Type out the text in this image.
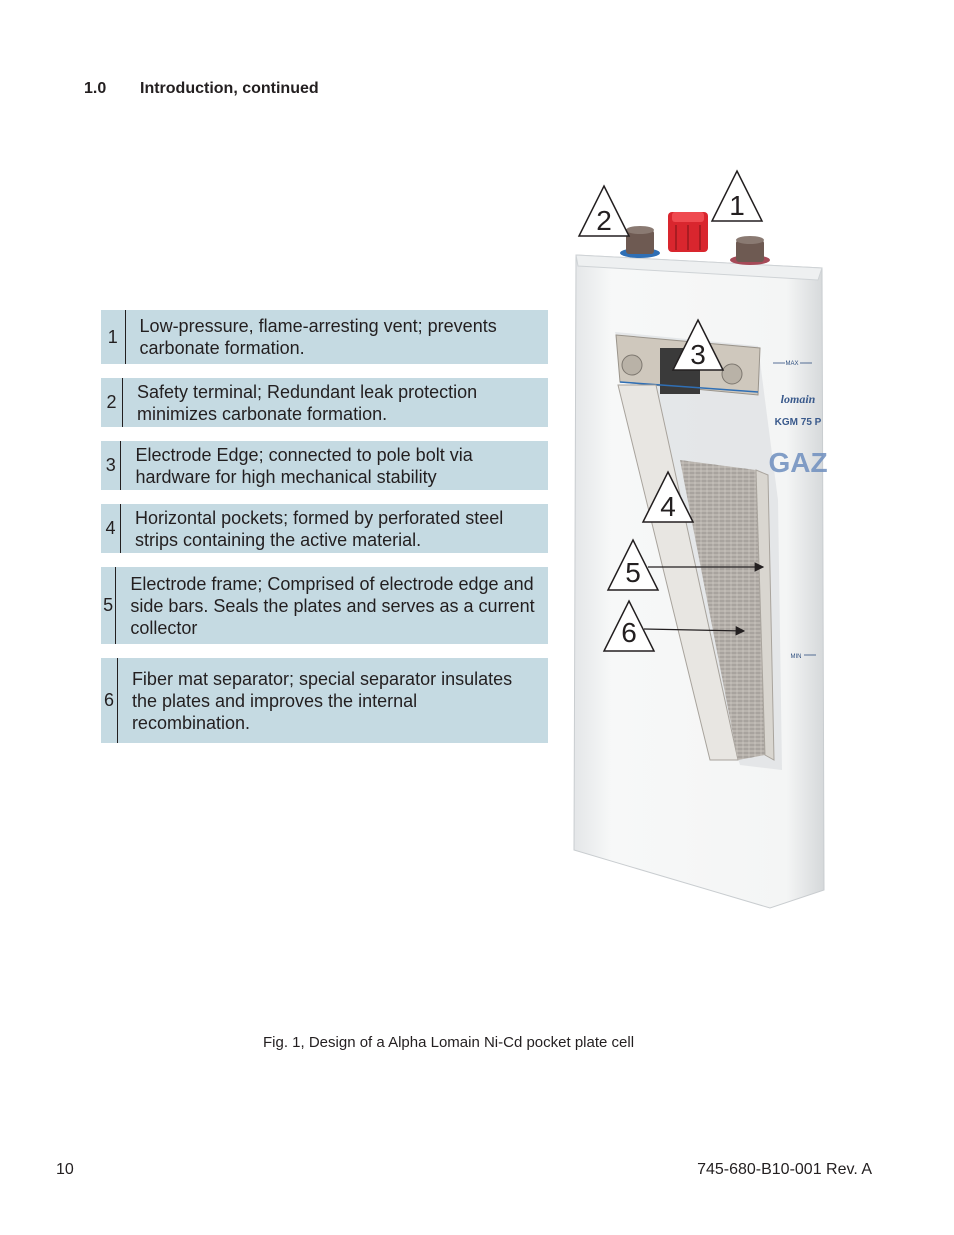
1.0 Introduction, continued
1
Low-pressure, flame-arresting vent; prevents carbonate formation.
2
Safety terminal; Redundant leak protection minimizes carbonate formation.
3
Electrode Edge; connected to pole bolt via hardware for high mechanical stability
4
Horizontal pockets; formed by perforated steel strips containing the active material.
5
Electrode frame; Comprised of electrode edge and side bars. Seals the plates and serves as a current collector
6
Fiber mat separator; special separator insulates the plates and improves the internal recombination.
MAX
lomain
KGM 75 P
GAZ
MIN
1
2
3
4
5
6
Fig. 1, Design of a Alpha Lomain Ni-Cd pocket plate cell
10	745-680-B10-001 Rev. A
